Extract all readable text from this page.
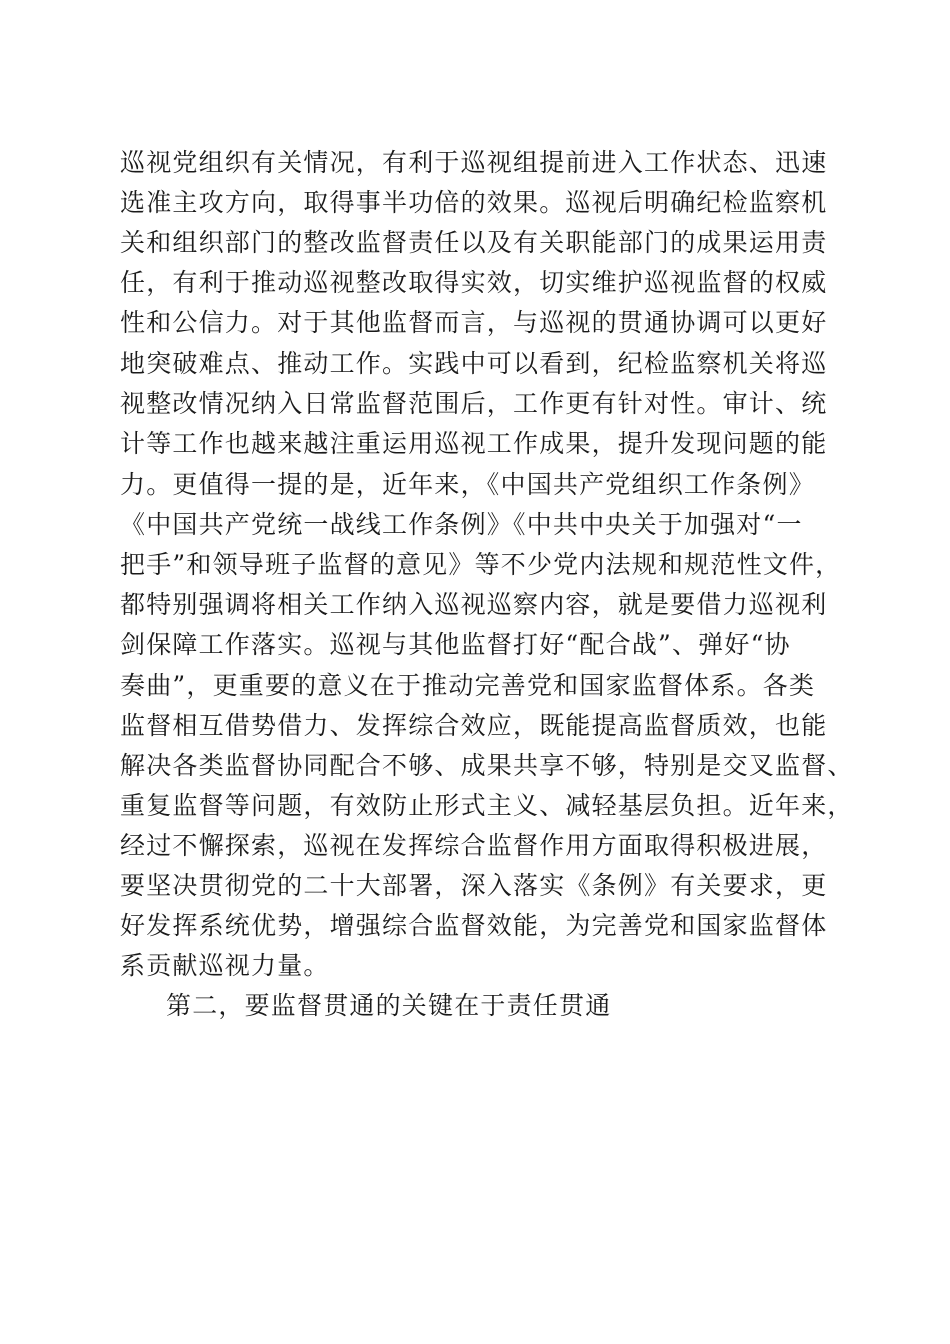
巡视党组织有关情况，有利于巡视组提前进入工作状态、迅速
选准主攻方向，取得事半功倍的效果。巡视后明确纪检监察机
关和组织部门的整改监督责任以及有关职能部门的成果运用责
任，有利于推动巡视整改取得实效，切实维护巡视监督的权威
性和公信力。对于其他监督而言，与巡视的贯通协调可以更好
地突破难点、推动工作。实践中可以看到，纪检监察机关将巡
视整改情况纳入日常监督范围后，工作更有针对性。审计、统
计等工作也越来越注重运用巡视工作成果，提升发现问题的能
力。更值得一提的是，近年来，《中国共产党组织工作条例》
《中国共产党统一战线工作条例》《中共中央关于加强对“一
把手”和领导班子监督的意见》等不少党内法规和规范性文件，
都特别强调将相关工作纳入巡视巡察内容，就是要借力巡视利
剑保障工作落实。巡视与其他监督打好“配合战”、弹好“协
奏曲”，更重要的意义在于推动完善党和国家监督体系。各类
监督相互借势借力、发挥综合效应，既能提高监督质效，也能
解决各类监督协同配合不够、成果共享不够，特别是交叉监督、
重复监督等问题，有效防止形式主义、减轻基层负担。近年来，
经过不懈探索，巡视在发挥综合监督作用方面取得积极进展，
要坚决贯彻党的二十大部署，深入落实《条例》有关要求，更
好发挥系统优势，增强综合监督效能，为完善党和国家监督体
系贡献巡视力量。
第二，要监督贯通的关键在于责任贯通
